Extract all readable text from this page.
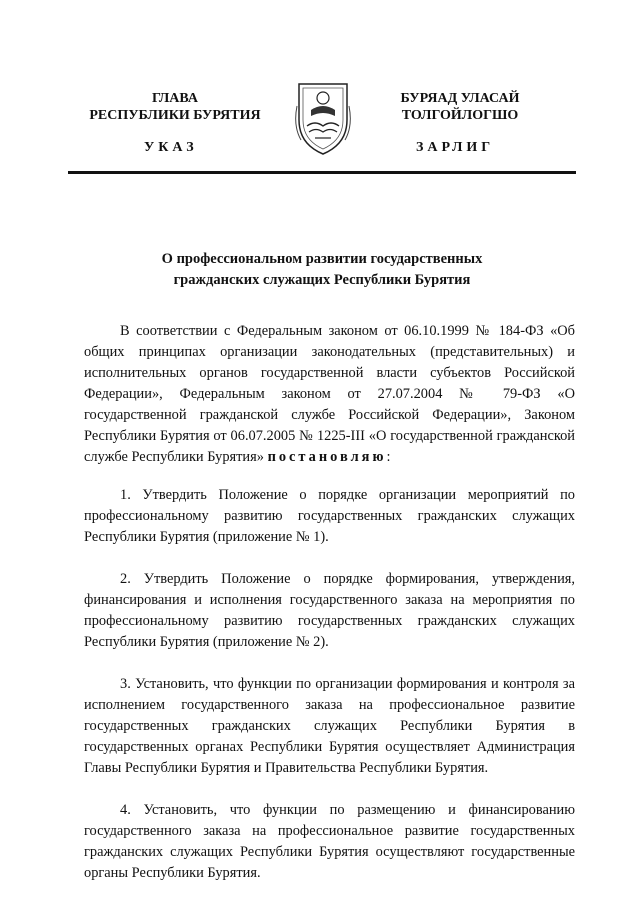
ГЛАВА
РЕСПУБЛИКИ БУРЯТИЯ
БУРЯАД УЛАСАЙ
ТОЛГОЙЛОГШО
УКАЗ	ЗАРЛИГ
О профессиональном развитии государственных
гражданских служащих Республики Бурятия

В соответствии с Федеральным законом от 06.10.1999 № 184-ФЗ «Об общих принципах организации законодательных (представительных) и исполнительных органов государственной власти субъектов Российской Федерации», Федеральным законом от 27.07.2004 № 79-ФЗ «О государственной гражданской службе Российской Федерации», Законом Республики Бурятия от 06.07.2005 № 1225-III «О государственной гражданской службе Республики Бурятия» постановляю:

1. Утвердить Положение о порядке организации мероприятий по профессиональному развитию государственных гражданских служащих Республики Бурятия (приложение № 1).

2. Утвердить Положение о порядке формирования, утверждения, финансирования и исполнения государственного заказа на мероприятия по профессиональному развитию государственных гражданских служащих Республики Бурятия (приложение № 2).

3. Установить, что функции по организации формирования и контроля за исполнением государственного заказа на профессиональное развитие государственных гражданских служащих Республики Бурятия в государственных органах Республики Бурятия осуществляет Администрация Главы Республики Бурятия и Правительства Республики Бурятия.

4. Установить, что функции по размещению и финансированию государственного заказа на профессиональное развитие государственных гражданских служащих Республики Бурятия осуществляют государственные органы Республики Бурятия.
